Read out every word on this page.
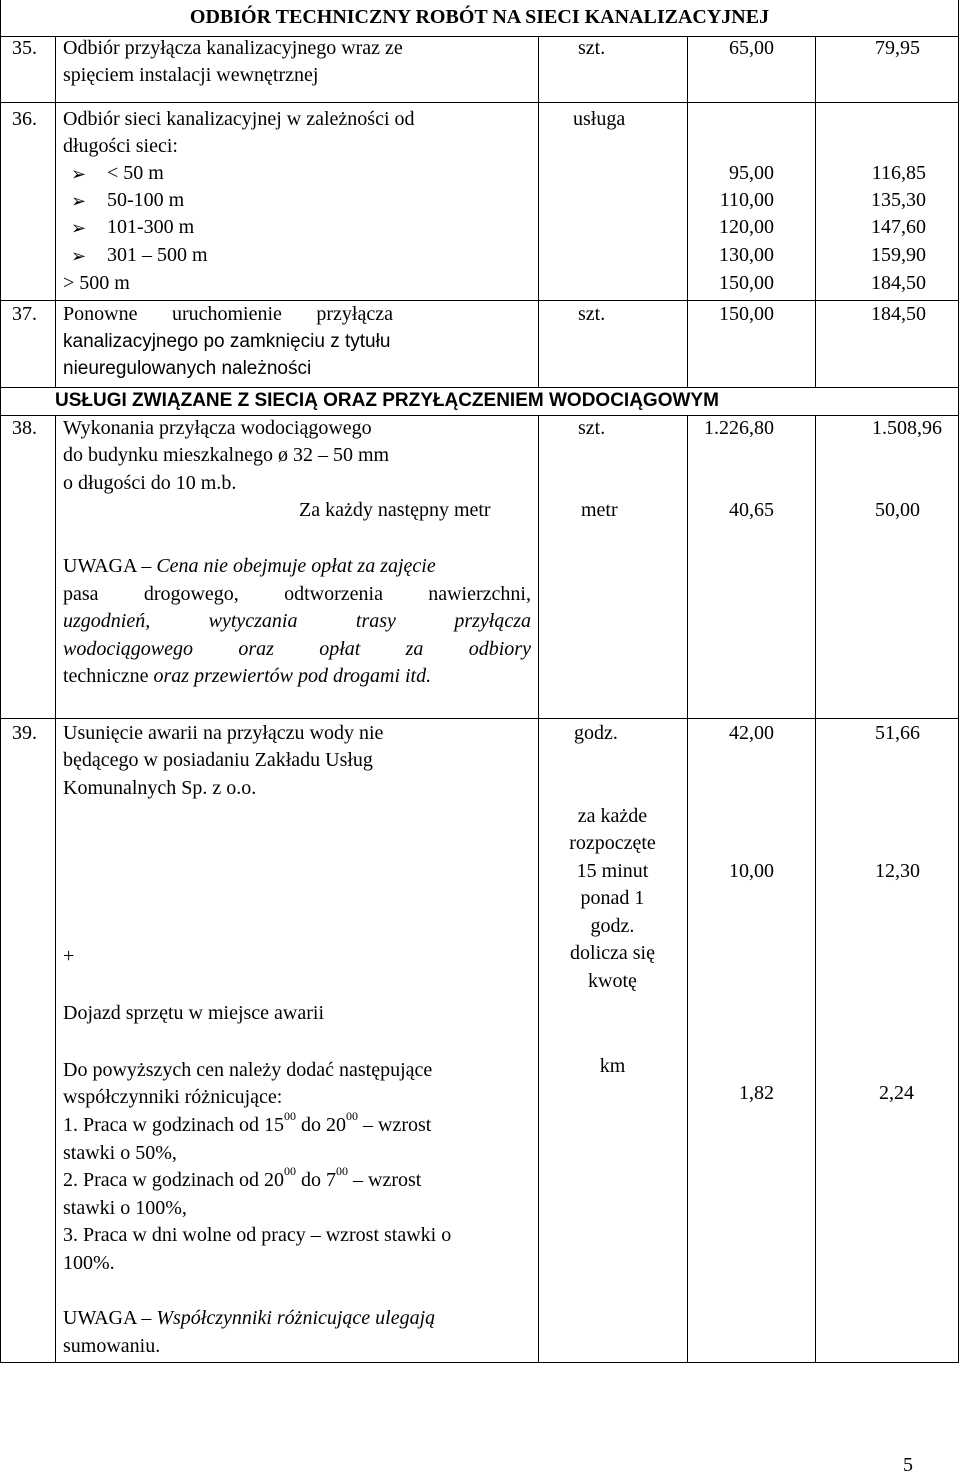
ODBIÓR TECHNICZNY ROBÓT NA SIECI KANALIZACYJNEJ
35. Odbiór przyłącza kanalizacyjnego wraz ze
spięciem instalacji wewnętrznej
szt.	65,00	79,95
36. Odbiór sieci kanalizacyjnej w zależności od
długości sieci:
usługa
➢ < 50 m	95,00	116,85
➢ 50-100 m	110,00	135,30
➢ 101-300 m	120,00	147,60
➢ 301 – 500 m	130,00	159,90
> 500 m	150,00	184,50
37. Ponowne uruchomienie przyłącza
kanalizacyjnego po zamknięciu z tytułu
nieuregulowanych należności
szt.	150,00	184,50
USŁUGI ZWIĄZANE Z SIECIĄ ORAZ PRZYŁĄCZENIEM WODOCIĄGOWYM
38. Wykonania przyłącza wodociągowego
do budynku mieszkalnego ø 32 – 50 mm
o długości do 10 m.b.
szt.	1.226,80	1.508,96
Za każdy następny metr	metr	40,65	50,00
UWAGA – Cena nie obejmuje opłat za zajęcie
pasa drogowego, odtworzenia nawierzchni,
uzgodnień,	wytyczania	trasy	przyłącza
wodociągowego oraz opłat za odbiory
techniczne oraz przewiertów pod drogami itd.
39. Usunięcie awarii na przyłączu wody nie
będącego w posiadaniu Zakładu Usług
Komunalnych Sp. z o.o.
godz.	42,00	51,66
za każde
rozpoczęte
15 minut
ponad 1
godz.
dolicza się
kwotę
10,00	12,30
+
Dojazd sprzętu w miejsce awarii
km
1,82	2,24
Do powyższych cen należy dodać następujące
współczynniki różnicujące:
1. Praca w godzinach od $15^{00}$ do $20^{00}$ – wzrost
stawki o 50%,
2. Praca w godzinach od $20^{00}$ do $7^{00}$ – wzrost
stawki o 100%,
3. Praca w dni wolne od pracy – wzrost stawki o
100%.
UWAGA – Współczynniki różnicujące ulegają
sumowaniu.
5
